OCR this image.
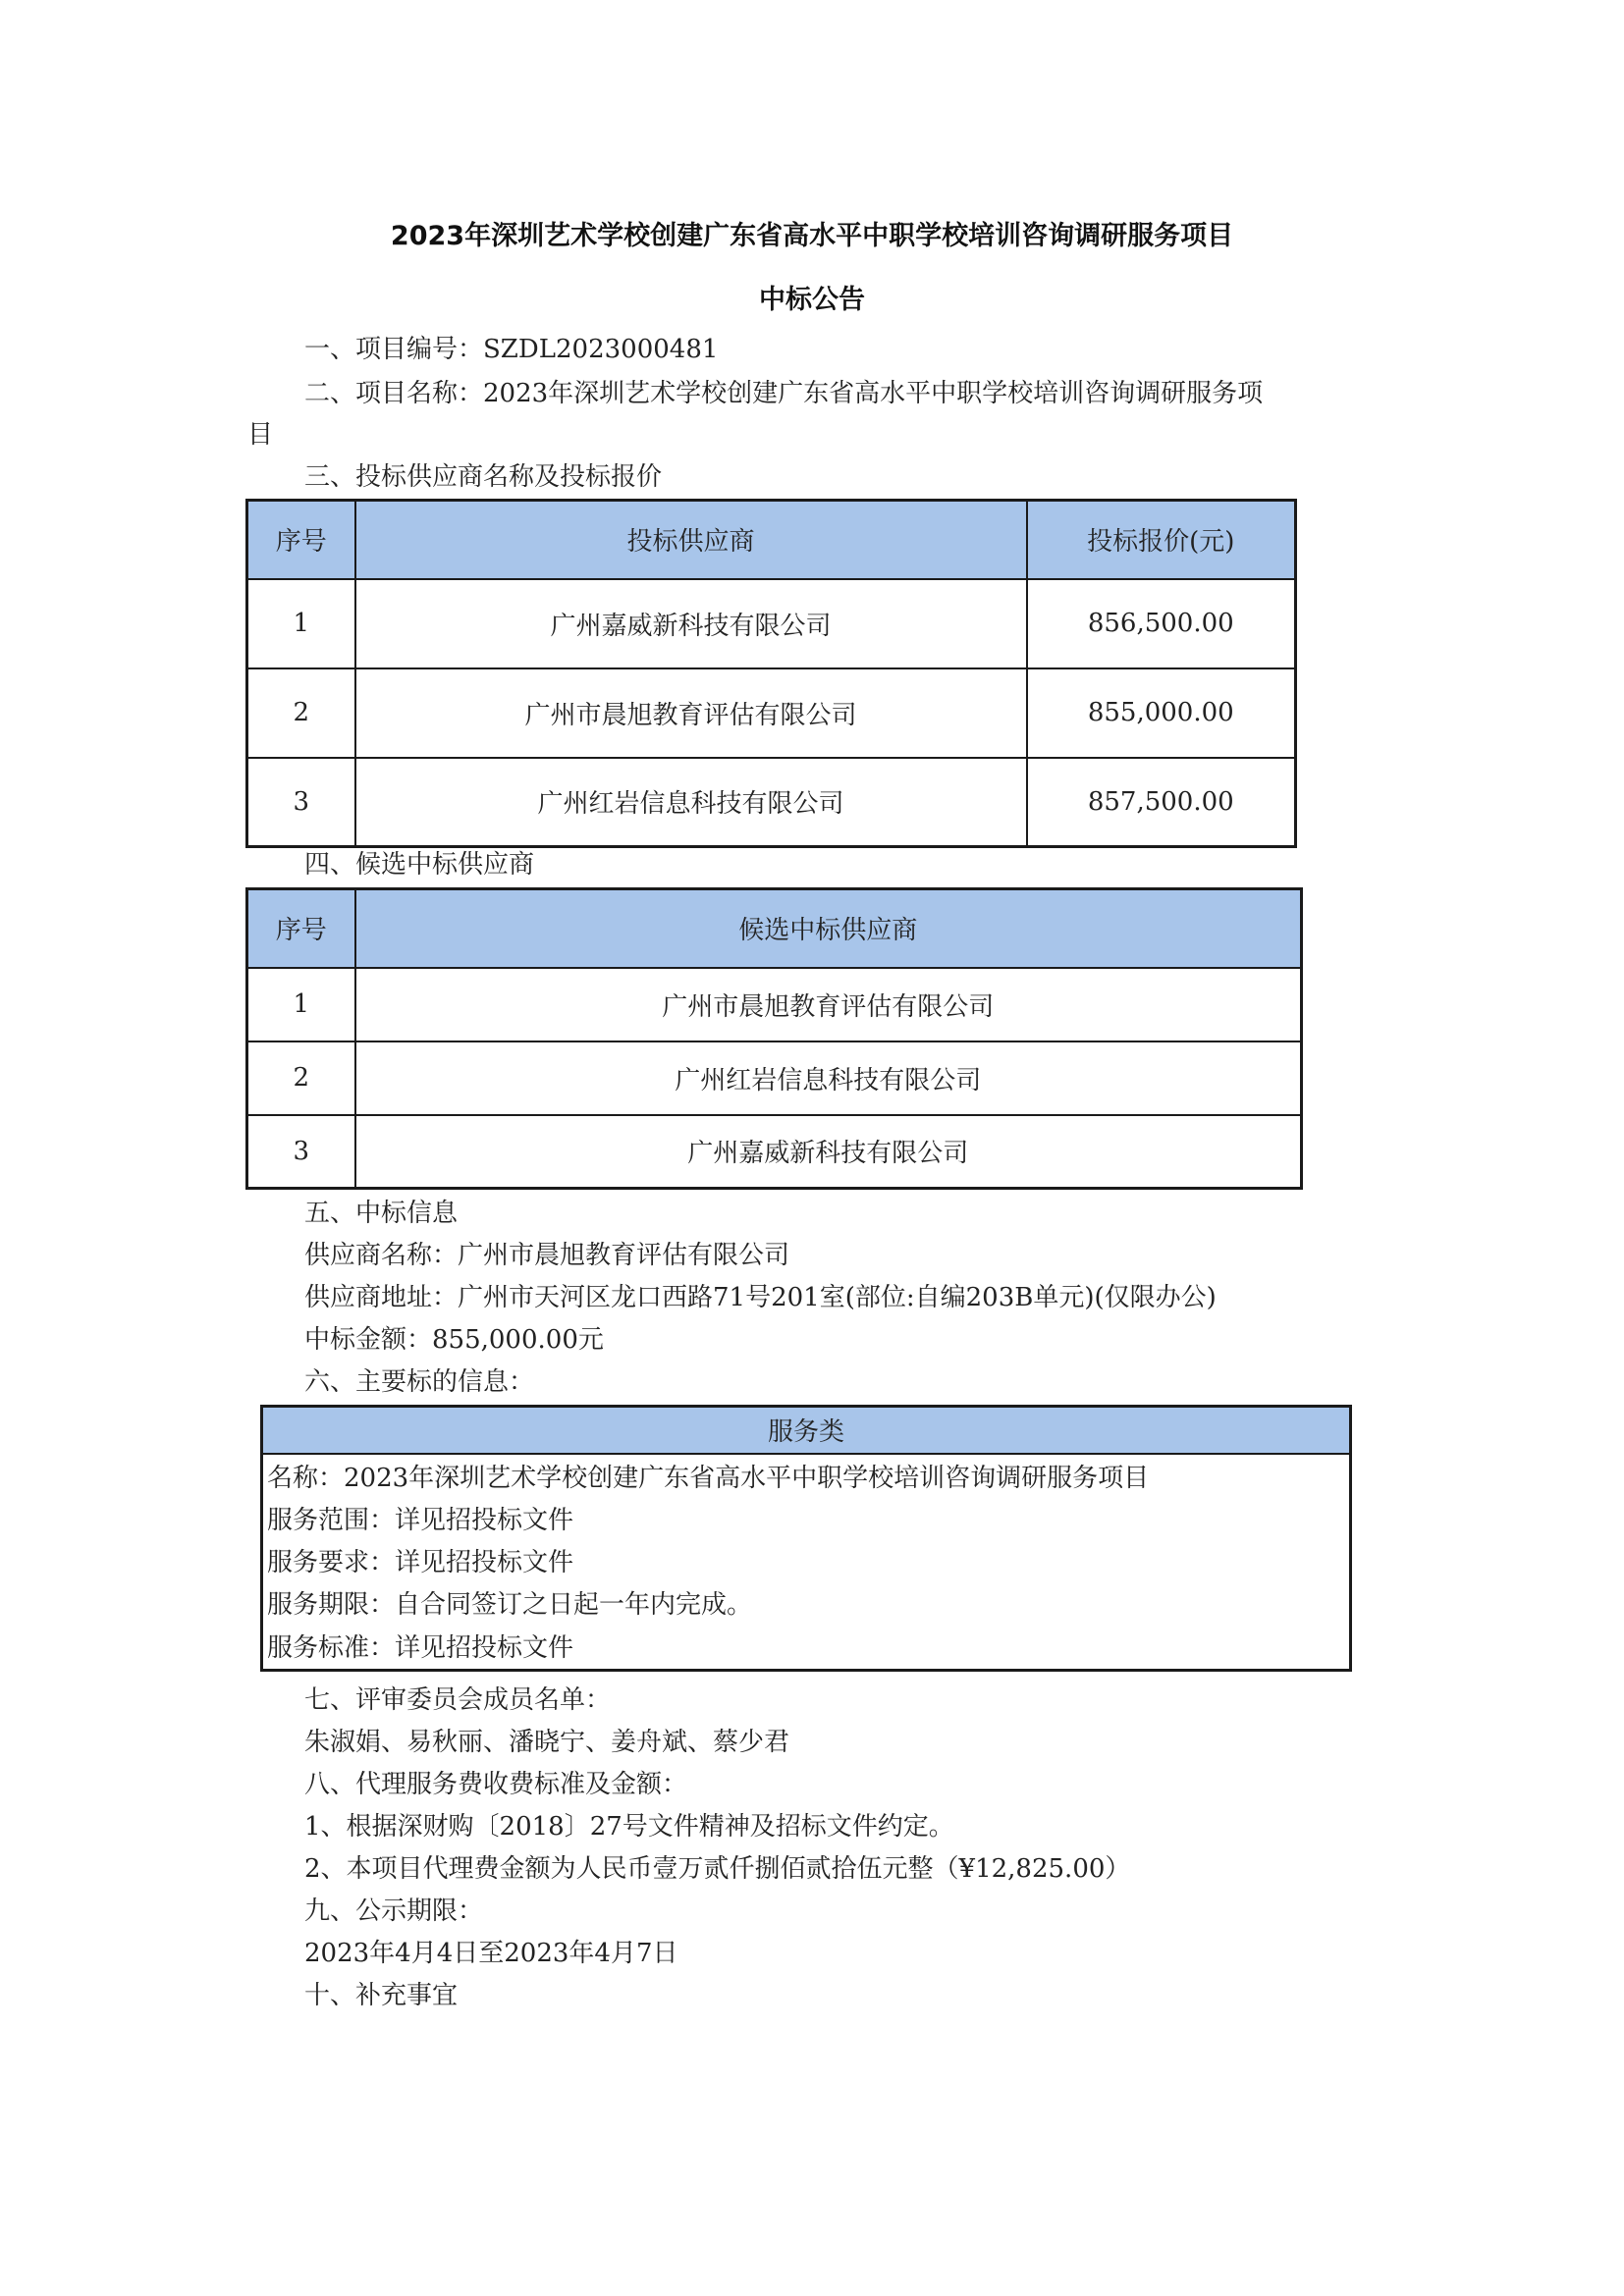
2023年深圳艺术学校创建广东省高水平中职学校培训咨询调研服务项目
中标公告
一、项目编号：SZDL2023000481
二、项目名称：2023年深圳艺术学校创建广东省高水平中职学校培训咨询调研服务项
目
三、投标供应商名称及投标报价
序号	投标供应商	投标报价(元)
1	广州嘉威新科技有限公司	856,500.00
2	广州市晨旭教育评估有限公司	855,000.00
3	广州红岩信息科技有限公司	857,500.00
四、候选中标供应商
序号	候选中标供应商
1	广州市晨旭教育评估有限公司
2	广州红岩信息科技有限公司
3	广州嘉威新科技有限公司
五、中标信息
供应商名称：广州市晨旭教育评估有限公司
供应商地址：广州市天河区龙口西路71号201室(部位:自编203B单元)(仅限办公)
中标金额：855,000.00元
六、主要标的信息：
服务类
名称：2023年深圳艺术学校创建广东省高水平中职学校培训咨询调研服务项目
服务范围：详见招投标文件
服务要求：详见招投标文件
服务期限：自合同签订之日起一年内完成。
服务标准：详见招投标文件
七、评审委员会成员名单：
朱淑娟、易秋丽、潘晓宁、姜舟斌、蔡少君
八、代理服务费收费标准及金额：
1、根据深财购〔2018〕27号文件精神及招标文件约定。
2、本项目代理费金额为人民币壹万贰仟捌佰贰拾伍元整（¥12,825.00）
九、公示期限：
2023年4月4日至2023年4月7日
十、补充事宜
